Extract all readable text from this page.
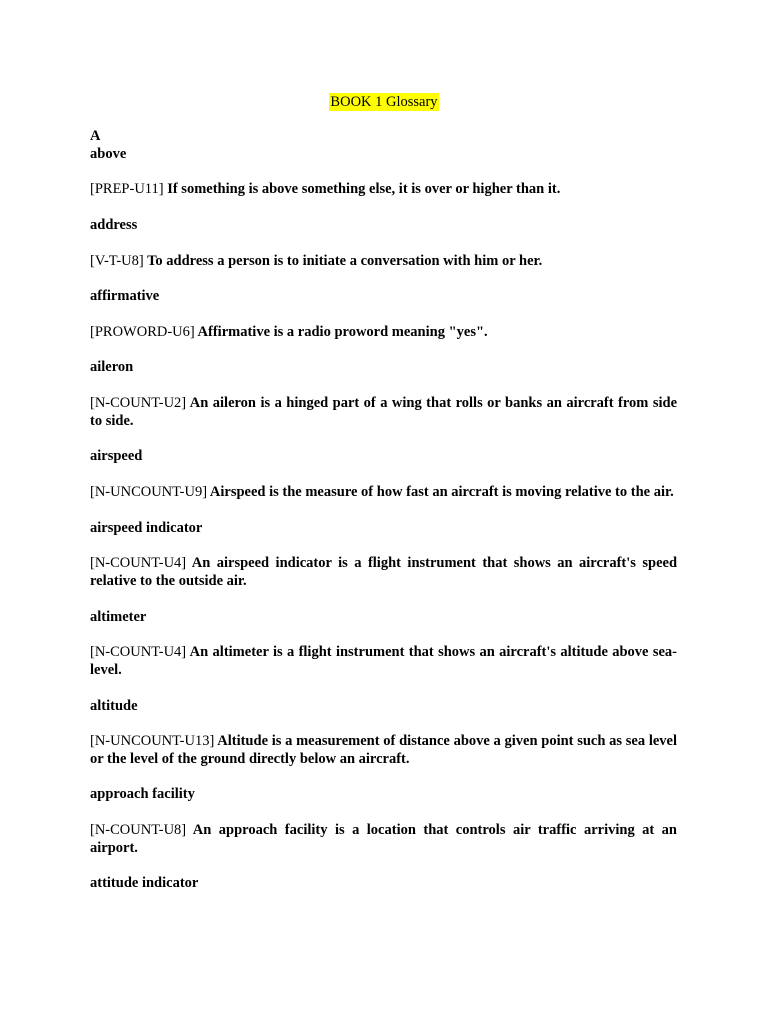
BOOK 1 Glossary

A

above

[PREP-U11] If something is above something else, it is over or higher than it.

address

[V-T-U8] To address a person is to initiate a conversation with him or her.

affirmative

[PROWORD-U6] Affirmative is a radio proword meaning "yes".

aileron

[N-COUNT-U2] An aileron is a hinged part of a wing that rolls or banks an aircraft from side to side.

airspeed

[N-UNCOUNT-U9] Airspeed is the measure of how fast an aircraft is moving relative to the air.

airspeed indicator

[N-COUNT-U4] An airspeed indicator is a flight instrument that shows an aircraft's speed relative to the outside air.

altimeter

[N-COUNT-U4] An altimeter is a flight instrument that shows an aircraft's altitude above sea-level.

altitude

[N-UNCOUNT-U13] Altitude is a measurement of distance above a given point such as sea level or the level of the ground directly below an aircraft.

approach facility

[N-COUNT-U8] An approach facility is a location that controls air traffic arriving at an airport.

attitude indicator
